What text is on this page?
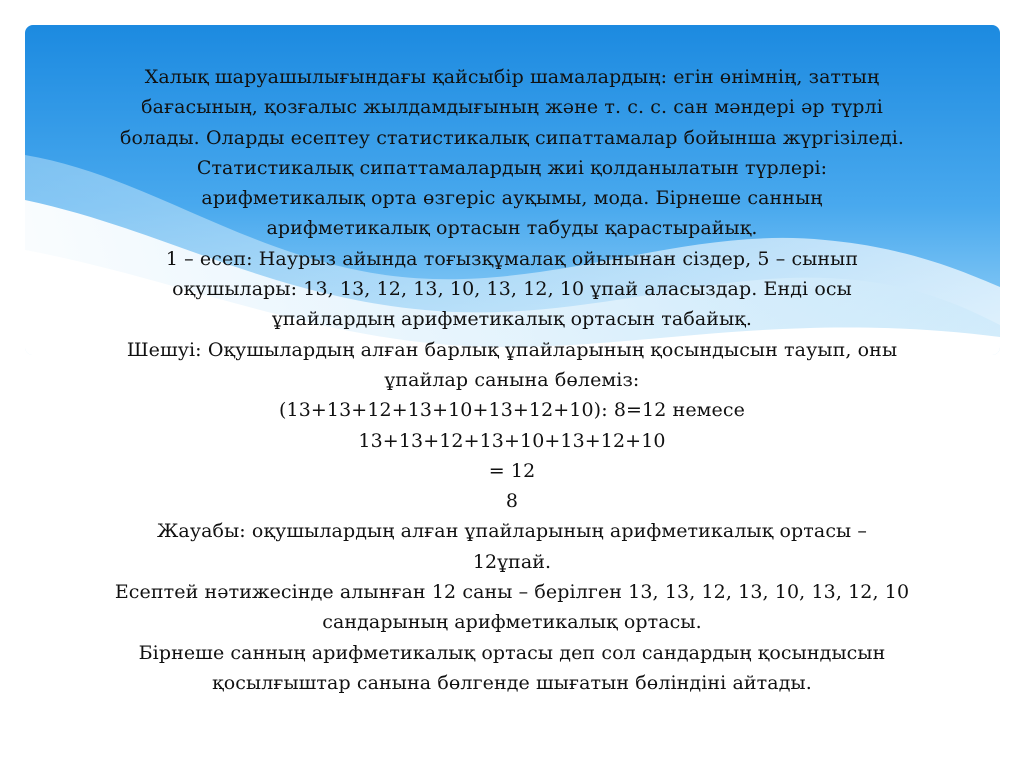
Халық шаруашылығындағы қайсыбір шамалардың: егін өнімнің, заттың

бағасының, қозғалыс жылдамдығының және т. с. с. сан мәндері әр түрлі

болады. Оларды есептеу статистикалық сипаттамалар бойынша жүргізіледі.

Статистикалық сипаттамалардың жиі қолданылатын түрлері:

арифметикалық орта өзгеріс ауқымы, мода. Бірнеше санның

арифметикалық ортасын табуды қарастырайық.

1 – есеп: Наурыз айында тоғызқұмалақ ойынынан сіздер, 5 – сынып

оқушылары: 13, 13, 12, 13, 10, 13, 12, 10 ұпай аласыздар. Енді осы

ұпайлардың арифметикалық ортасын табайық.

Шешуі: Оқушылардың алған барлық ұпайларының қосындысын тауып, оны

ұпайлар санына бөлеміз:

(13+13+12+13+10+13+12+10): 8=12 немесе

13+13+12+13+10+13+12+10

= 12

8

Жауабы: оқушылардың алған ұпайларының арифметикалық ортасы –

12ұпай.

Есептей нәтижесінде алынған 12 саны – берілген 13, 13, 12, 13, 10, 13, 12, 10

сандарының арифметикалық ортасы.

Бірнеше санның арифметикалық ортасы деп сол сандардың қосындысын

қосылғыштар санына бөлгенде шығатын бөліндіні айтады.
